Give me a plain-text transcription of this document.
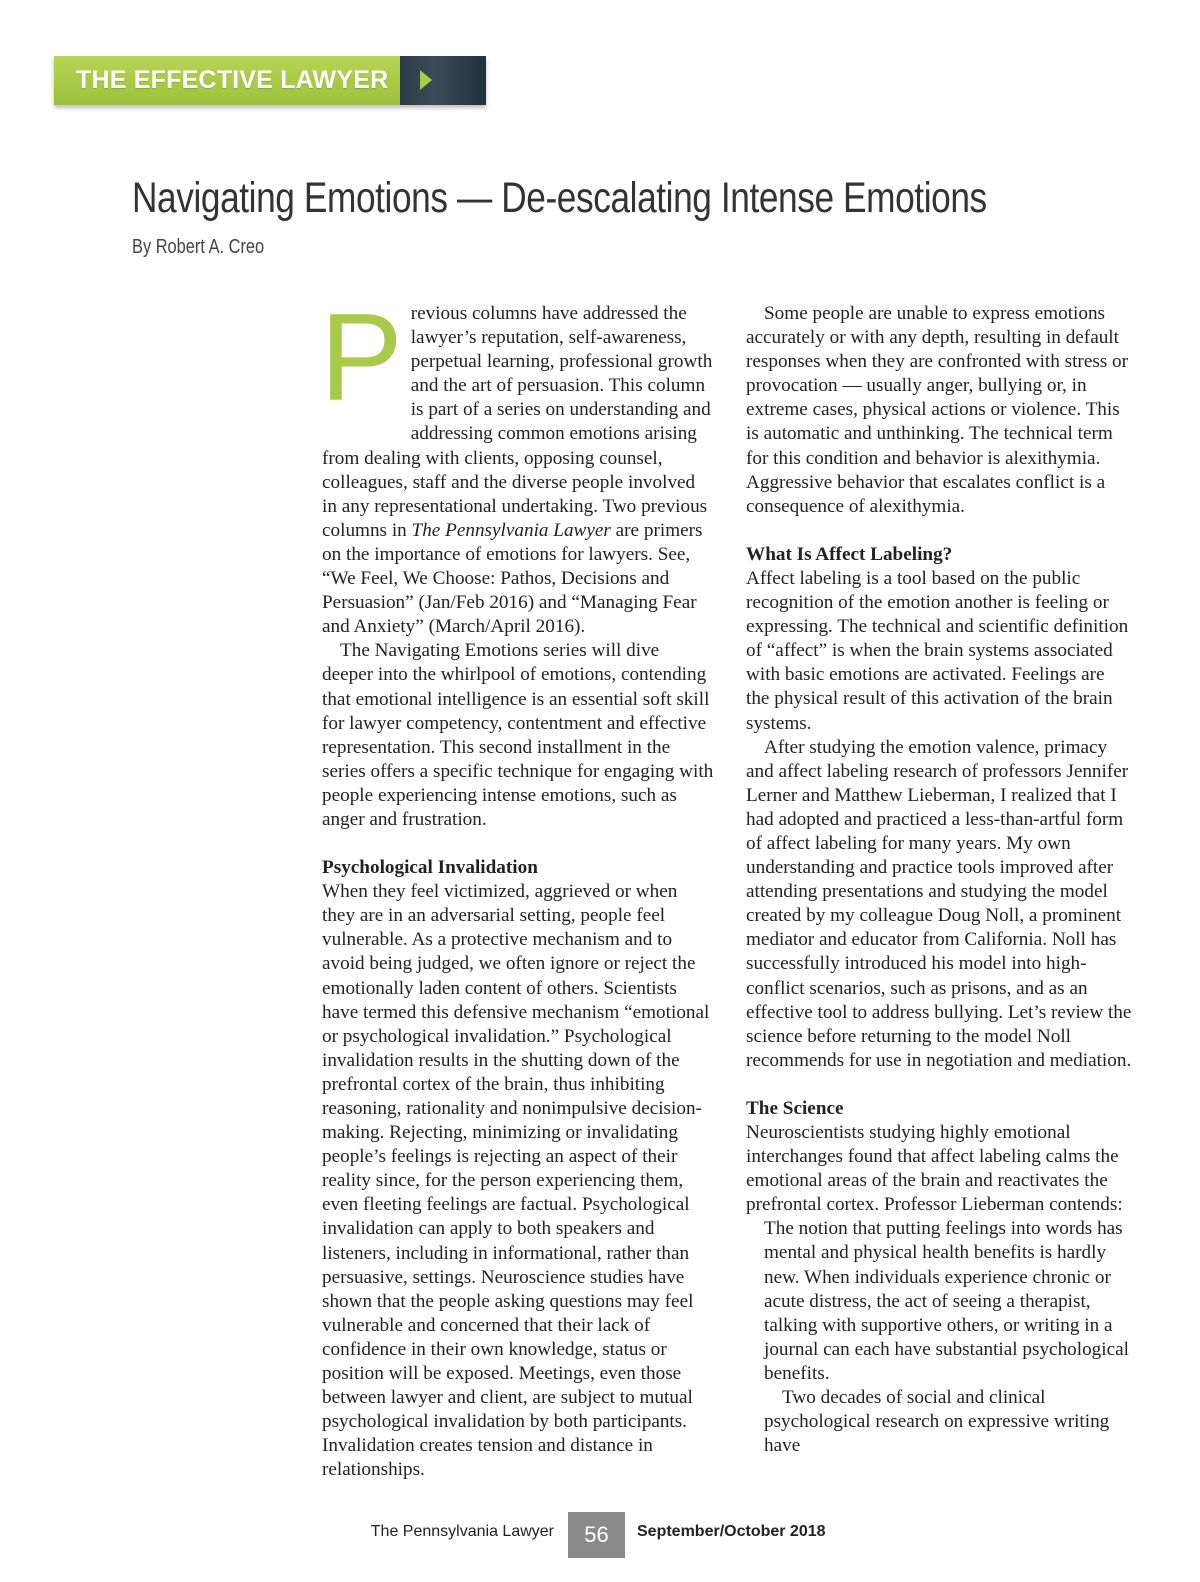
THE EFFECTIVE LAWYER
Navigating Emotions — De-escalating Intense Emotions
By Robert A. Creo

Previous columns have addressed the lawyer’s reputation, self-awareness, perpetual learning, professional growth and the art of persuasion. This column is part of a series on understanding and addressing common emotions arising from dealing with clients, opposing counsel, colleagues, staff and the diverse people involved in any representational undertaking. Two previous columns in The Pennsylvania Lawyer are primers on the importance of emotions for lawyers. See, “We Feel, We Choose: Pathos, Decisions and Persuasion” (Jan/Feb 2016) and “Managing Fear and Anxiety” (March/April 2016).

The Navigating Emotions series will dive deeper into the whirlpool of emotions, contending that emotional intelligence is an essential soft skill for lawyer competency, contentment and effective representation. This second installment in the series offers a specific technique for engaging with people experiencing intense emotions, such as anger and frustration.

Psychological Invalidation

When they feel victimized, aggrieved or when they are in an adversarial setting, people feel vulnerable. As a protective mechanism and to avoid being judged, we often ignore or reject the emotionally laden content of others. Scientists have termed this defensive mechanism “emotional or psychological invalidation.” Psychological invalidation results in the shutting down of the prefrontal cortex of the brain, thus inhibiting reasoning, rationality and nonimpulsive decision-making. Rejecting, minimizing or invalidating people’s feelings is rejecting an aspect of their reality since, for the person experiencing them, even fleeting feelings are factual. Psychological invalidation can apply to both speakers and listeners, including in informational, rather than persuasive, settings. Neuroscience studies have shown that the people asking questions may feel vulnerable and concerned that their lack of confidence in their own knowledge, status or position will be exposed. Meetings, even those between lawyer and client, are subject to mutual psychological invalidation by both participants. Invalidation creates tension and distance in relationships.

Some people are unable to express emotions accurately or with any depth, resulting in default responses when they are confronted with stress or provocation — usually anger, bullying or, in extreme cases, physical actions or violence. This is automatic and unthinking. The technical term for this condition and behavior is alexithymia. Aggressive behavior that escalates conflict is a consequence of alexithymia.

What Is Affect Labeling?

Affect labeling is a tool based on the public recognition of the emotion another is feeling or expressing. The technical and scientific definition of “affect” is when the brain systems associated with basic emotions are activated. Feelings are the physical result of this activation of the brain systems.

After studying the emotion valence, primacy and affect labeling research of professors Jennifer Lerner and Matthew Lieberman, I realized that I had adopted and practiced a less-than-artful form of affect labeling for many years. My own understanding and practice tools improved after attending presentations and studying the model created by my colleague Doug Noll, a prominent mediator and educator from California. Noll has successfully introduced his model into high-conflict scenarios, such as prisons, and as an effective tool to address bullying. Let’s review the science before returning to the model Noll recommends for use in negotiation and mediation.

The Science

Neuroscientists studying highly emotional interchanges found that affect labeling calms the emotional areas of the brain and reactivates the prefrontal cortex. Professor Lieberman contends:

The notion that putting feelings into words has mental and physical health benefits is hardly new. When individuals experience chronic or acute distress, the act of seeing a therapist, talking with supportive others, or writing in a journal can each have substantial psychological benefits.

Two decades of social and clinical psychological research on expressive writing have

The Pennsylvania Lawyer	56	September/October 2018
